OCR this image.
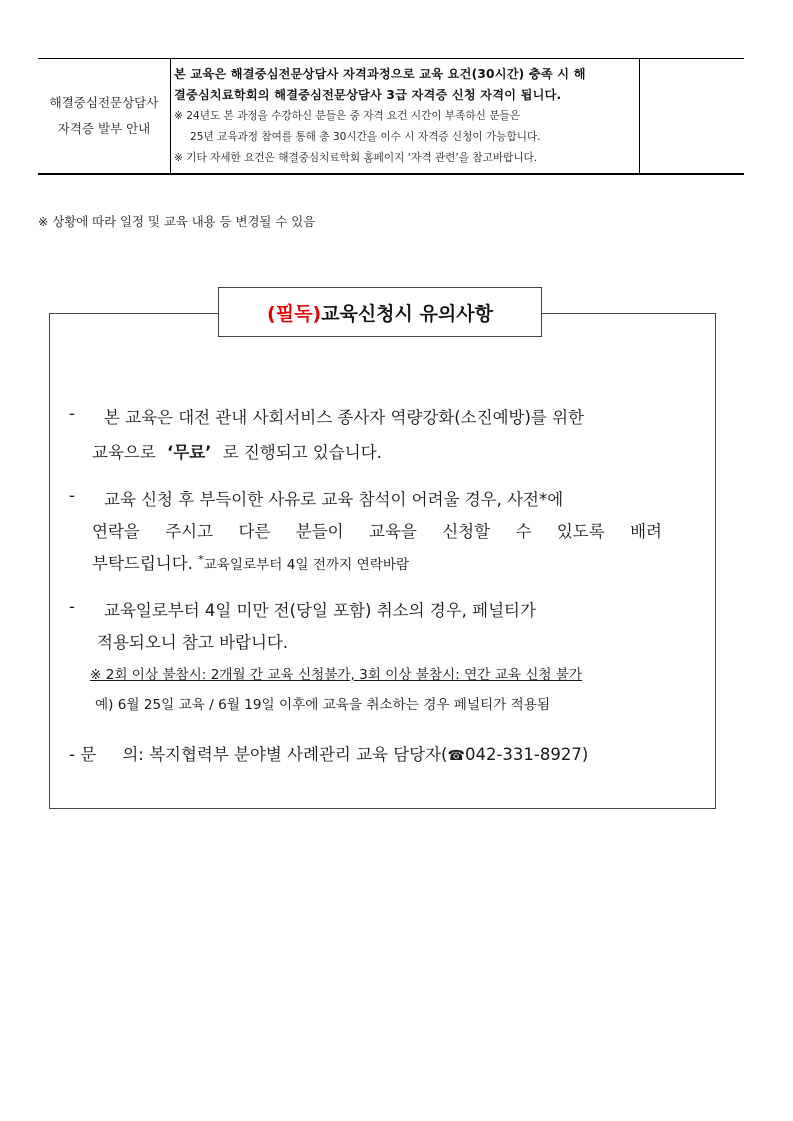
해결중심전문상담사
자격증 발부 안내

본 교육은 해결중심전문상담사 자격과정으로 교육 요건(30시간) 충족 시 해
결중심치료학회의 해결중심전문상담사 3급 자격증 신청 자격이 됩니다.
※ 24년도 본 과정을 수강하신 분들은 중 자격 요건 시간이 부족하신 분들은
25년 교육과정 참여를 통해 총 30시간을 이수 시 자격증 신청이 가능합니다.
※ 기타 자세한 요건은 해결중심치료학회 홈페이지 ‘자격 관련’을 참고바랍니다.

※ 상황에 따라 일정 및 교육 내용 등 변경될 수 있음
(필독) 교육신청시 유의사항
- 본 교육은 대전 관내 사회서비스 종사자 역량강화(소진예방)를 위한
교육으로 ‘무료’ 로 진행되고 있습니다.
- 교육 신청 후 부득이한 사유로 교육 참석이 어려울 경우, 사전*에
연락을 주시고 다른 분들이 교육을 신청할 수 있도록 배려
부탁드립니다. *교육일로부터 4일 전까지 연락바람
- 교육일로부터 4일 미만 전(당일 포함) 취소의 경우, 페널티가
적용되오니 참고 바랍니다.
※ 2회 이상 불참시: 2개월 간 교육 신청불가, 3회 이상 불참시: 연간 교육 신청 불가
예) 6월 25일 교육 / 6월 19일 이후에 교육을 취소하는 경우 페널티가 적용됨
- 문     의: 복지협력부 분야별 사례관리 교육 담당자(☎042-331-8927)
